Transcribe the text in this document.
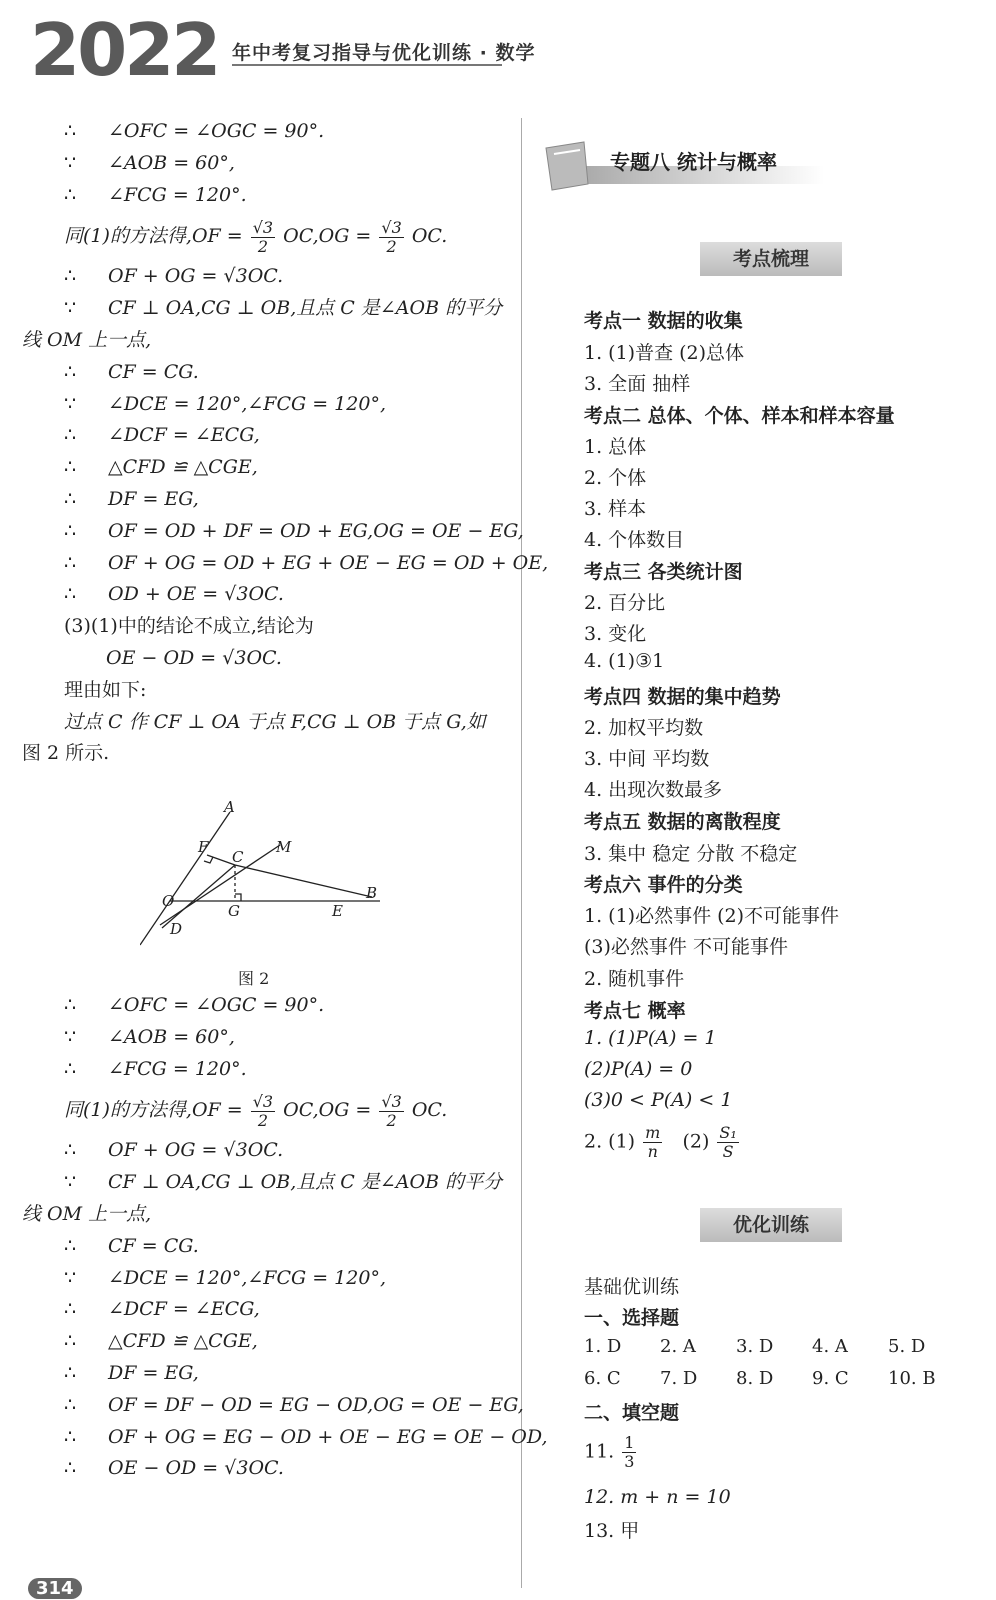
2022 年中考复习指导与优化训练 · 数学
∴ ∠OFC = ∠OGC = 90°.
∵ ∠AOB = 60°,
∴ ∠FCG = 120°.
同(1)的方法得$,OF = \frac{√3}{2} OC,OG = \frac{√3}{2}$ OC.
∴ OF + OG = √3OC.
∵ CF ⊥ OA,CG ⊥ OB,且点 C 是∠AOB 的平分
线 OM 上一点,
∴ CF = CG.
∵ ∠DCE = 120°,∠FCG = 120°,
∴ ∠DCF = ∠ECG,
∴ △CFD ≌ △CGE,
∴ DF = EG,
∴ OF = OD + DF = OD + EG,OG = OE − EG,
∴ OF + OG = OD + EG + OE − EG = OD + OE,
∴ OD + OE = √3OC.
(3)(1)中的结论不成立,结论为
OE − OD = √3OC.
理由如下:
过点 C 作 CF ⊥ OA 于点 F,CG ⊥ OB 于点 G,如
图 2 所示.
A
F
C
M
O
G	E
B
D
图 2
∴ ∠OFC = ∠OGC = 90°.
∵ ∠AOB = 60°,
∴ ∠FCG = 120°.
同(1)的方法得$,OF = \frac{√3}{2} OC,OG = \frac{√3}{2}$ OC.
∴ OF + OG = √3OC.
∵ CF ⊥ OA,CG ⊥ OB,且点 C 是∠AOB 的平分
线 OM 上一点,
∴ CF = CG.
∵ ∠DCE = 120°,∠FCG = 120°,
∴ ∠DCF = ∠ECG,
∴ △CFD ≌ △CGE,
∴ DF = EG,
∴ OF = DF − OD = EG − OD,OG = OE − EG,
∴ OF + OG = EG − OD + OE − EG = OE − OD,
∴ OE − OD = √3OC.
专题八 统计与概率
考点梳理
考点一 数据的收集
1. (1)普查 (2)总体
3. 全面 抽样
考点二 总体、个体、样本和样本容量
1. 总体
2. 个体
3. 样本
4. 个体数目
考点三 各类统计图
2. 百分比
3. 变化
4. (1)③1
考点四 数据的集中趋势
2. 加权平均数
3. 中间 平均数
4. 出现次数最多
考点五 数据的离散程度
3. 集中 稳定 分散 不稳定
考点六 事件的分类
1. (1)必然事件 (2)不可能事件
(3)必然事件 不可能事件
2. 随机事件
考点七 概率
1. (1)P(A) = 1
(2)P(A) = 0
(3)0 < P(A) < 1
2. $(1) \frac{m}{n} (2) \frac{\text{S₁}}{S}$
优化训练
基础优训练
一、选择题
1. D 2. A 3. D 4. A 5. D
6. C 7. D 8. D 9. C 10. B
二、填空题
11. $\frac{1}{3}$
12. m + n = 10
13. 甲
314
